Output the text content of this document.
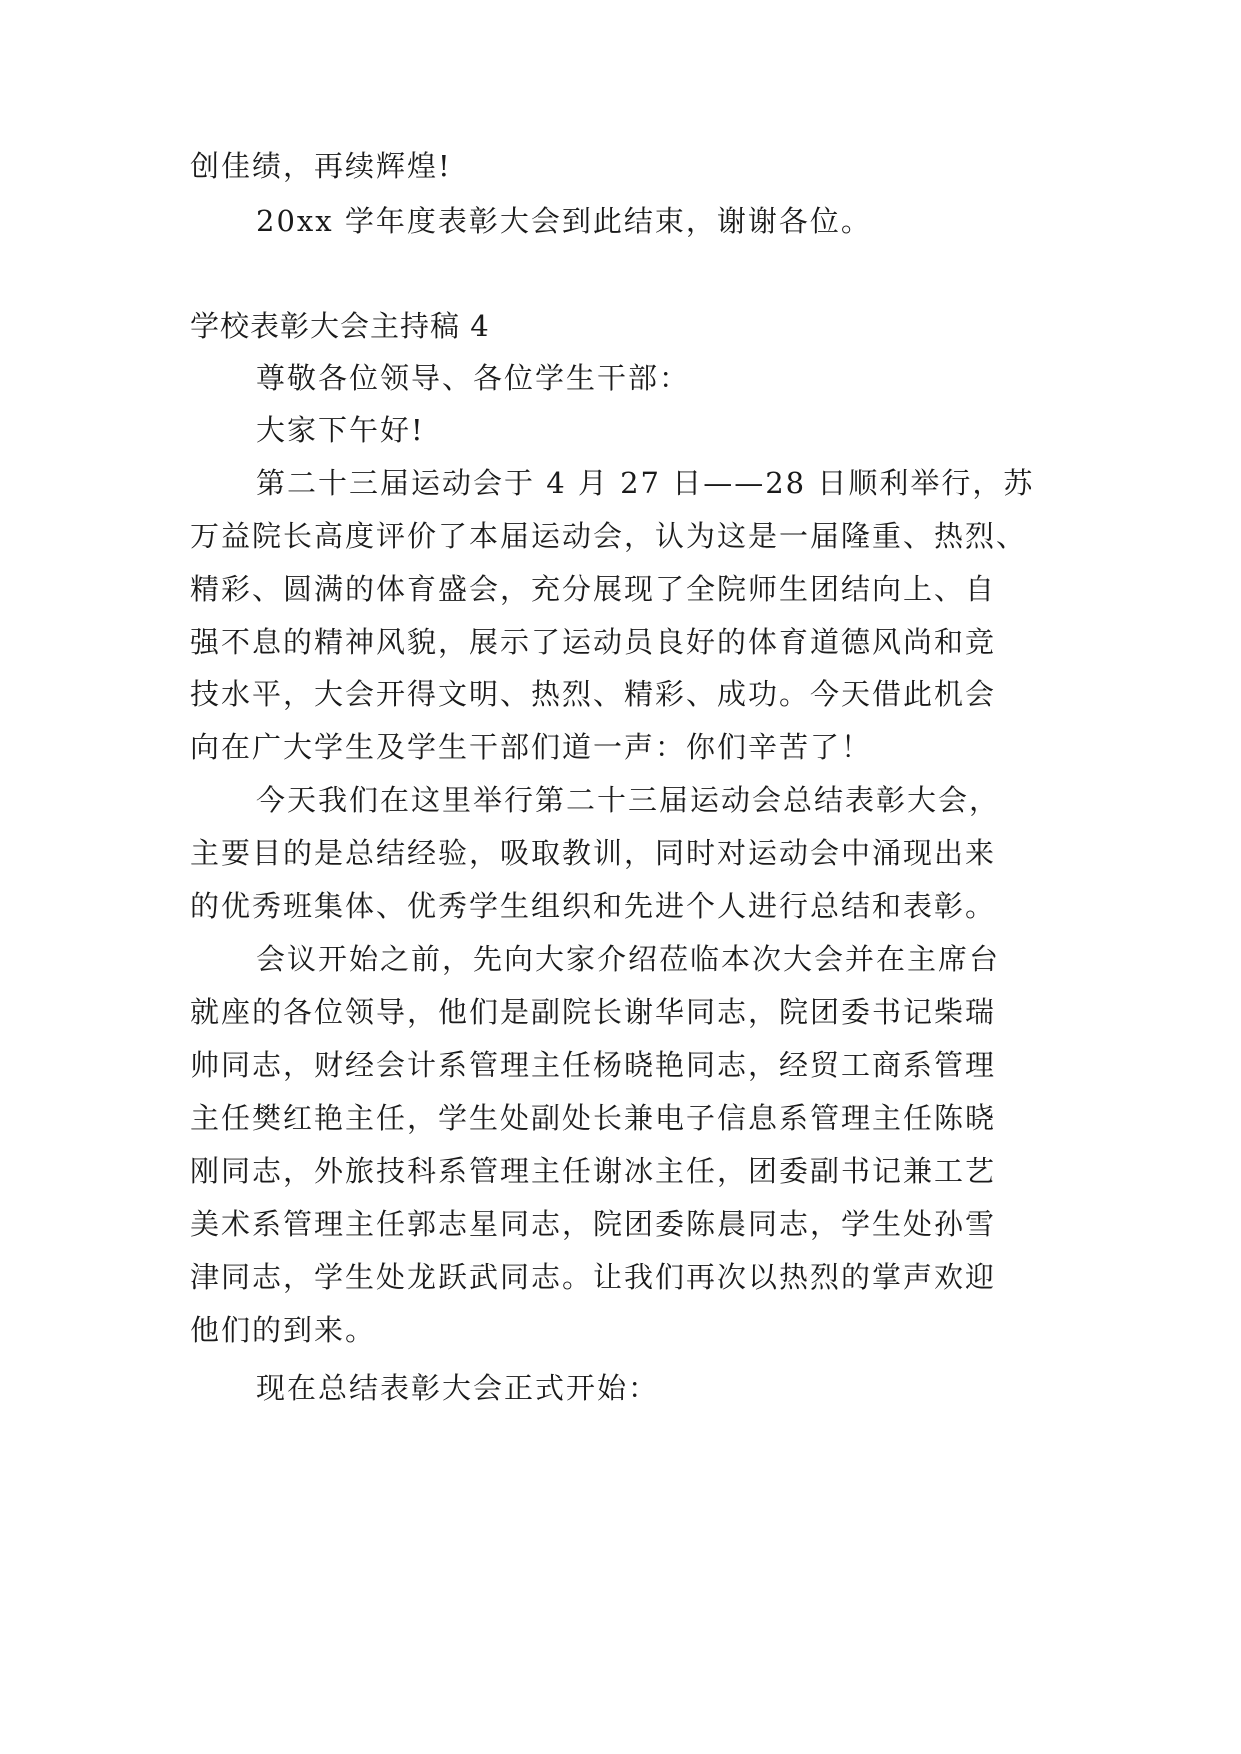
创佳绩，再续辉煌!
20xx 学年度表彰大会到此结束，谢谢各位。
学校表彰大会主持稿 4
尊敬各位领导、各位学生干部：
大家下午好!
第二十三届运动会于 4 月 27 日——28 日顺利举行，苏
万益院长高度评价了本届运动会，认为这是一届隆重、热烈、
精彩、圆满的体育盛会，充分展现了全院师生团结向上、自
强不息的精神风貌，展示了运动员良好的体育道德风尚和竞
技水平，大会开得文明、热烈、精彩、成功。今天借此机会
向在广大学生及学生干部们道一声：你们辛苦了！
今天我们在这里举行第二十三届运动会总结表彰大会，
主要目的是总结经验，吸取教训，同时对运动会中涌现出来
的优秀班集体、优秀学生组织和先进个人进行总结和表彰。
会议开始之前，先向大家介绍莅临本次大会并在主席台
就座的各位领导，他们是副院长谢华同志，院团委书记柴瑞
帅同志，财经会计系管理主任杨晓艳同志，经贸工商系管理
主任樊红艳主任，学生处副处长兼电子信息系管理主任陈晓
刚同志，外旅技科系管理主任谢冰主任，团委副书记兼工艺
美术系管理主任郭志星同志，院团委陈晨同志，学生处孙雪
津同志，学生处龙跃武同志。让我们再次以热烈的掌声欢迎
他们的到来。
现在总结表彰大会正式开始：
